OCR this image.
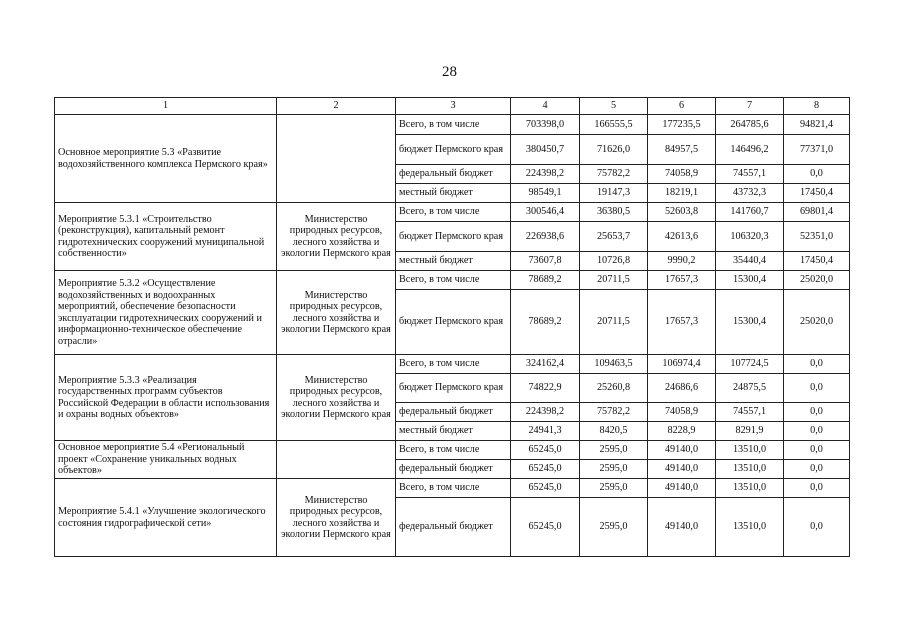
28
1	2	3	4	5	6	7	8
Основное мероприятие 5.3 «Развитие водохозяйственного комплекса Пермского края»		Всего, в том числе	703398,0	166555,5	177235,5	264785,6	94821,4
		бюджет Пермского края	380450,7	71626,0	84957,5	146496,2	77371,0
		федеральный бюджет	224398,2	75782,2	74058,9	74557,1	0,0
		местный бюджет	98549,1	19147,3	18219,1	43732,3	17450,4
Мероприятие 5.3.1 «Строительство (реконструкция), капитальный ремонт гидротехнических сооружений муниципальной собственности»	Министерство природных ресурсов, лесного хозяйства и экологии Пермского края	Всего, в том числе	300546,4	36380,5	52603,8	141760,7	69801,4
		бюджет Пермского края	226938,6	25653,7	42613,6	106320,3	52351,0
		местный бюджет	73607,8	10726,8	9990,2	35440,4	17450,4
Мероприятие 5.3.2 «Осуществление водохозяйственных и водоохранных мероприятий, обеспечение безопасности эксплуатации гидротехнических сооружений и информационно-техническое обеспечение отрасли»	Министерство природных ресурсов, лесного хозяйства и экологии Пермского края	Всего, в том числе	78689,2	20711,5	17657,3	15300,4	25020,0
		бюджет Пермского края	78689,2	20711,5	17657,3	15300,4	25020,0
Мероприятие 5.3.3 «Реализация государственных программ субъектов Российской Федерации в области использования и охраны водных объектов»	Министерство природных ресурсов, лесного хозяйства и экологии Пермского края	Всего, в том числе	324162,4	109463,5	106974,4	107724,5	0,0
		бюджет Пермского края	74822,9	25260,8	24686,6	24875,5	0,0
		федеральный бюджет	224398,2	75782,2	74058,9	74557,1	0,0
		местный бюджет	24941,3	8420,5	8228,9	8291,9	0,0
Основное мероприятие 5.4 «Региональный проект «Сохранение уникальных водных объектов»		Всего, в том числе	65245,0	2595,0	49140,0	13510,0	0,0
		федеральный бюджет	65245,0	2595,0	49140,0	13510,0	0,0
Мероприятие 5.4.1 «Улучшение экологического состояния гидрографической сети»	Министерство природных ресурсов, лесного хозяйства и экологии Пермского края	Всего, в том числе	65245,0	2595,0	49140,0	13510,0	0,0
		федеральный бюджет	65245,0	2595,0	49140,0	13510,0	0,0
